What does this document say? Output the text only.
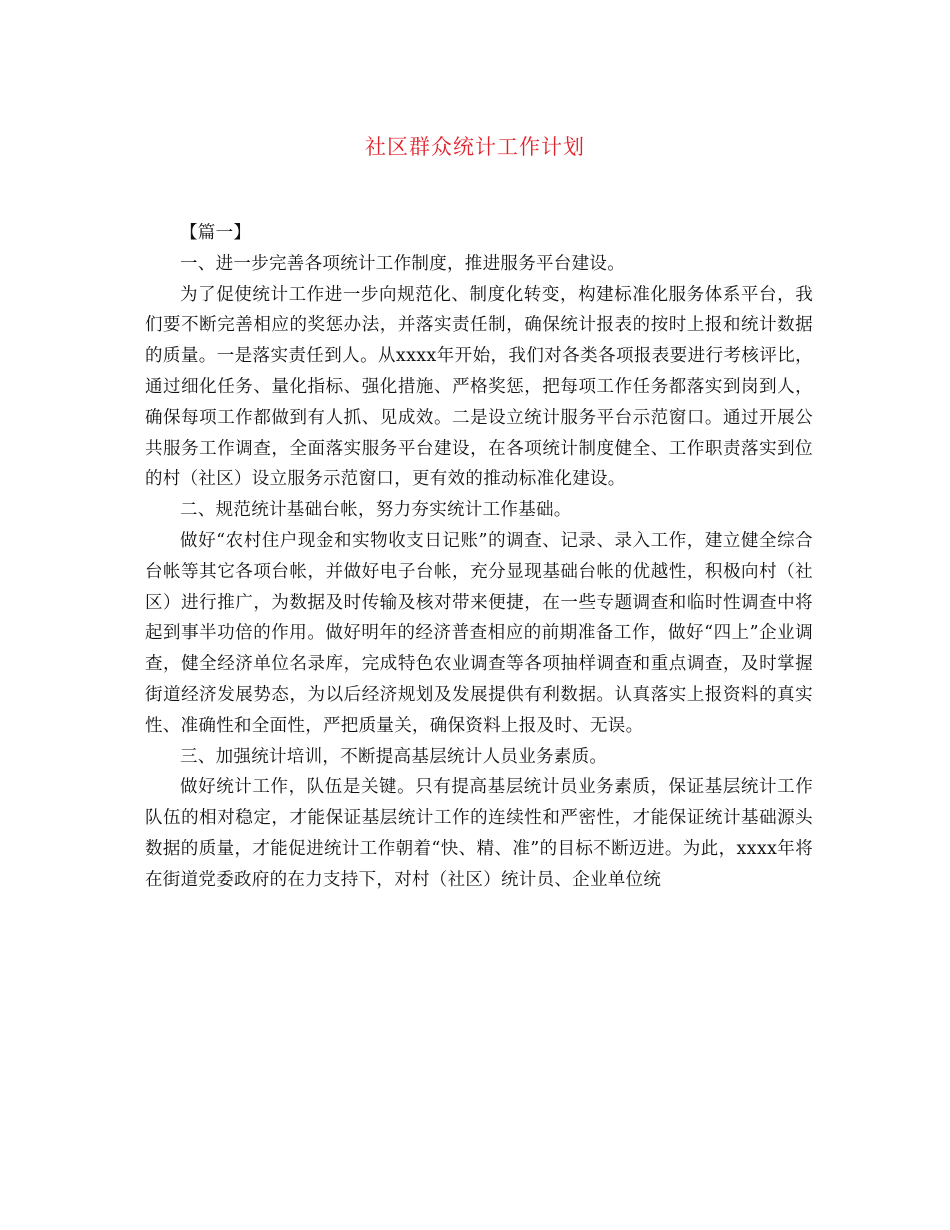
社区群众统计工作计划

【篇一】

一、进一步完善各项统计工作制度，推进服务平台建设。

为了促使统计工作进一步向规范化、制度化转变，构建标准化服务体系平台，我们要不断完善相应的奖惩办法，并落实责任制，确保统计报表的按时上报和统计数据的质量。一是落实责任到人。从xxxx年开始，我们对各类各项报表要进行考核评比，通过细化任务、量化指标、强化措施、严格奖惩，把每项工作任务都落实到岗到人，确保每项工作都做到有人抓、见成效。二是设立统计服务平台示范窗口。通过开展公共服务工作调查，全面落实服务平台建设，在各项统计制度健全、工作职责落实到位的村（社区）设立服务示范窗口，更有效的推动标准化建设。

二、规范统计基础台帐，努力夯实统计工作基础。

做好“农村住户现金和实物收支日记账”的调查、记录、录入工作，建立健全综合台帐等其它各项台帐，并做好电子台帐，充分显现基础台帐的优越性，积极向村（社区）进行推广，为数据及时传输及核对带来便捷，在一些专题调查和临时性调查中将起到事半功倍的作用。做好明年的经济普查相应的前期准备工作，做好“四上”企业调查，健全经济单位名录库，完成特色农业调查等各项抽样调查和重点调查，及时掌握街道经济发展势态，为以后经济规划及发展提供有利数据。认真落实上报资料的真实性、准确性和全面性，严把质量关，确保资料上报及时、无误。

三、加强统计培训，不断提高基层统计人员业务素质。

做好统计工作，队伍是关键。只有提高基层统计员业务素质，保证基层统计工作队伍的相对稳定，才能保证基层统计工作的连续性和严密性，才能保证统计基础源头数据的质量，才能促进统计工作朝着“快、精、准”的目标不断迈进。为此，xxxx年将在街道党委政府的在力支持下，对村（社区）统计员、企业单位统
